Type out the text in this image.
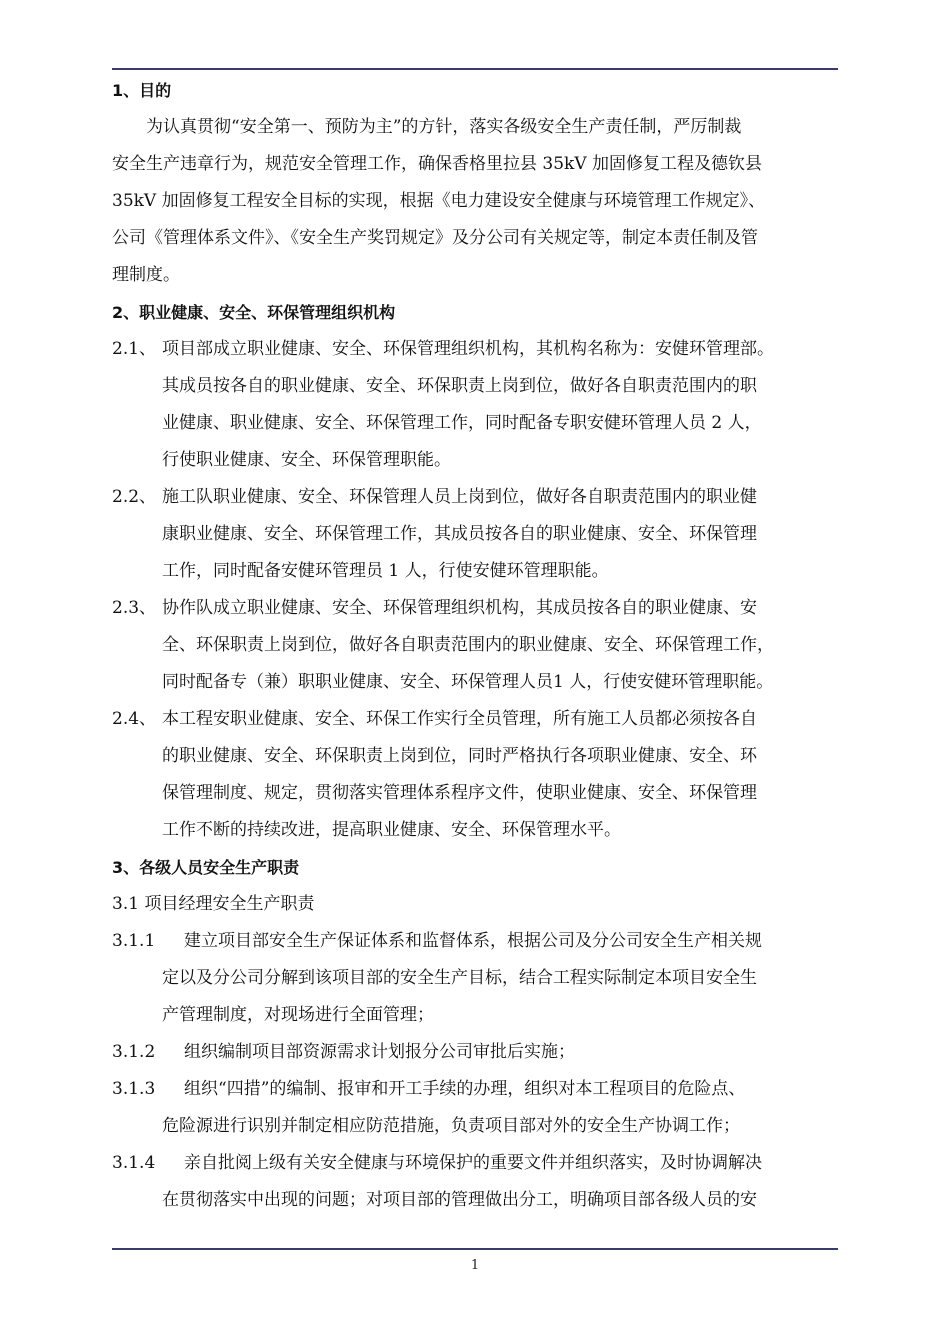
1、目的
为认真贯彻“安全第一、预防为主”的方针，落实各级安全生产责任制，严厉制裁
安全生产违章行为，规范安全管理工作，确保香格里拉县 35kV 加固修复工程及德钦县
35kV 加固修复工程安全目标的实现，根据《电力建设安全健康与环境管理工作规定》、
公司《管理体系文件》、《安全生产奖罚规定》及分公司有关规定等，制定本责任制及管
理制度。
2、职业健康、安全、环保管理组织机构
2.1、 项目部成立职业健康、安全、环保管理组织机构，其机构名称为：安健环管理部。
其成员按各自的职业健康、安全、环保职责上岗到位，做好各自职责范围内的职
业健康、职业健康、安全、环保管理工作，同时配备专职安健环管理人员 2 人，
行使职业健康、安全、环保管理职能。
2.2、 施工队职业健康、安全、环保管理人员上岗到位，做好各自职责范围内的职业健
康职业健康、安全、环保管理工作，其成员按各自的职业健康、安全、环保管理
工作，同时配备安健环管理员 1 人，行使安健环管理职能。
2.3、 协作队成立职业健康、安全、环保管理组织机构，其成员按各自的职业健康、安
全、环保职责上岗到位，做好各自职责范围内的职业健康、安全、环保管理工作，
同时配备专（兼）职职业健康、安全、环保管理人员1 人，行使安健环管理职能。
2.4、 本工程安职业健康、安全、环保工作实行全员管理，所有施工人员都必须按各自
的职业健康、安全、环保职责上岗到位，同时严格执行各项职业健康、安全、环
保管理制度、规定，贯彻落实管理体系程序文件，使职业健康、安全、环保管理
工作不断的持续改进，提高职业健康、安全、环保管理水平。
3、各级人员安全生产职责
3.1 项目经理安全生产职责
3.1.1 建立项目部安全生产保证体系和监督体系，根据公司及分公司安全生产相关规
定以及分公司分解到该项目部的安全生产目标，结合工程实际制定本项目安全生
产管理制度，对现场进行全面管理；
3.1.2 组织编制项目部资源需求计划报分公司审批后实施；
3.1.3 组织“四措”的编制、报审和开工手续的办理，组织对本工程项目的危险点、
危险源进行识别并制定相应防范措施，负责项目部对外的安全生产协调工作；
3.1.4 亲自批阅上级有关安全健康与环境保护的重要文件并组织落实，及时协调解决
在贯彻落实中出现的问题；对项目部的管理做出分工，明确项目部各级人员的安
1
